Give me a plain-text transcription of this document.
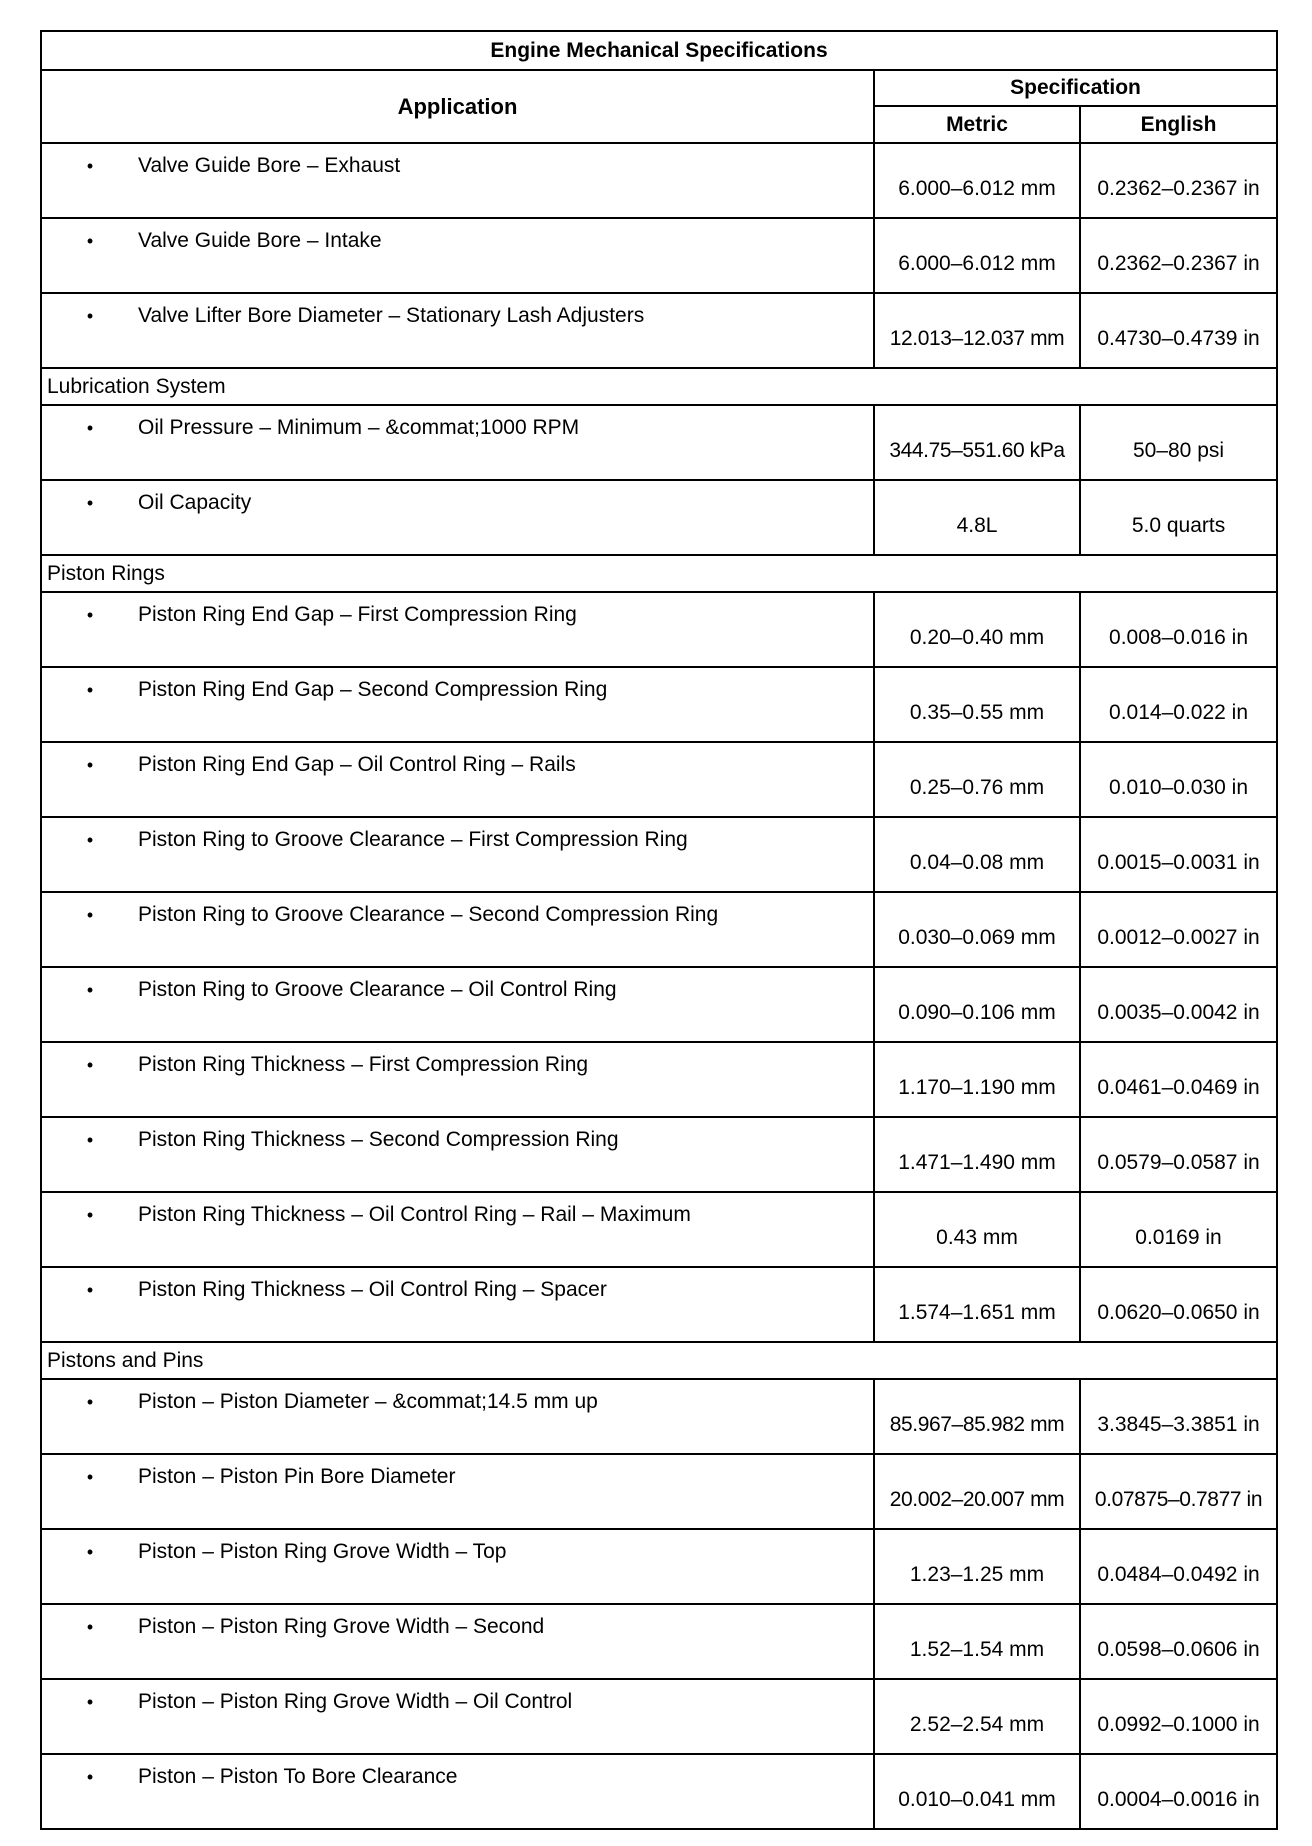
Engine Mechanical Specifications		
Application	Specification	
	Metric	English

• Valve Guide Bore – Exhaust	6.000–6.012 mm	0.2362–0.2367 in

• Valve Guide Bore – Intake	6.000–6.012 mm	0.2362–0.2367 in

• Valve Lifter Bore Diameter – Stationary Lash Adjusters	12.013–12.037 mm	0.4730–0.4739 in
Lubrication System		

• Oil Pressure – Minimum – &commat;1000 RPM	344.75–551.60 kPa	50–80 psi

• Oil Capacity	4.8L	5.0 quarts
Piston Rings		

• Piston Ring End Gap – First Compression Ring	0.20–0.40 mm	0.008–0.016 in

• Piston Ring End Gap – Second Compression Ring	0.35–0.55 mm	0.014–0.022 in

• Piston Ring End Gap – Oil Control Ring – Rails	0.25–0.76 mm	0.010–0.030 in

• Piston Ring to Groove Clearance – First Compression Ring	0.04–0.08 mm	0.0015–0.0031 in

• Piston Ring to Groove Clearance – Second Compression Ring	0.030–0.069 mm	0.0012–0.0027 in

• Piston Ring to Groove Clearance – Oil Control Ring	0.090–0.106 mm	0.0035–0.0042 in

• Piston Ring Thickness – First Compression Ring	1.170–1.190 mm	0.0461–0.0469 in

• Piston Ring Thickness – Second Compression Ring	1.471–1.490 mm	0.0579–0.0587 in

• Piston Ring Thickness – Oil Control Ring – Rail – Maximum	0.43 mm	0.0169 in

• Piston Ring Thickness – Oil Control Ring – Spacer	1.574–1.651 mm	0.0620–0.0650 in
Pistons and Pins		

• Piston – Piston Diameter – &commat;14.5 mm up	85.967–85.982 mm	3.3845–3.3851 in

• Piston – Piston Pin Bore Diameter	20.002–20.007 mm	0.07875–0.7877 in

• Piston – Piston Ring Grove Width – Top	1.23–1.25 mm	0.0484–0.0492 in

• Piston – Piston Ring Grove Width – Second	1.52–1.54 mm	0.0598–0.0606 in

• Piston – Piston Ring Grove Width – Oil Control	2.52–2.54 mm	0.0992–0.1000 in

• Piston – Piston To Bore Clearance	0.010–0.041 mm	0.0004–0.0016 in
